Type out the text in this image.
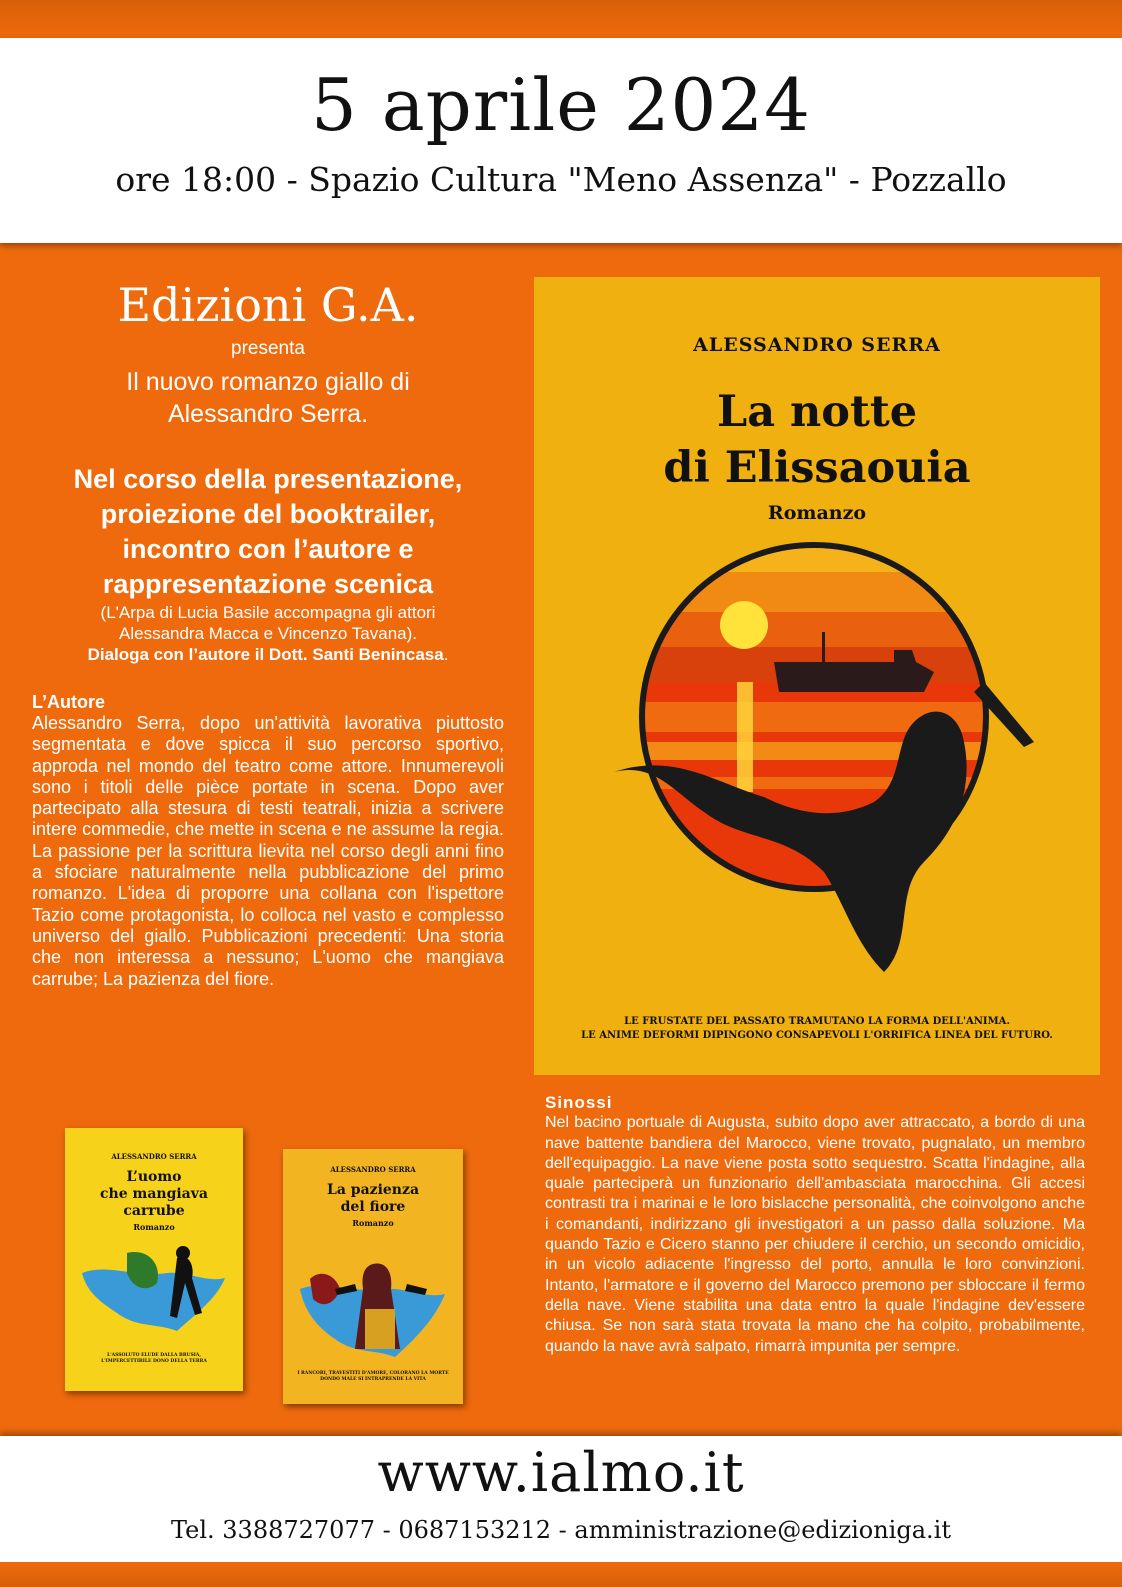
5 aprile 2024
ore 18:00 - Spazio Cultura "Meno Assenza" - Pozzallo
Edizioni G.A.
presenta
Il nuovo romanzo giallo di
Alessandro Serra.
Nel corso della presentazione,
proiezione del booktrailer,
incontro con l’autore e
rappresentazione scenica
(L'Arpa di Lucia Basile accompagna gli attori
Alessandra Macca e Vincenzo Tavana).
Dialoga con l’autore il Dott. Santi Benincasa.
L’Autore
Alessandro Serra, dopo un'attività lavorativa piuttosto segmentata e dove spicca il suo percorso sportivo, approda nel mondo del teatro come attore. Innumerevoli sono i titoli delle pièce portate in scena. Dopo aver partecipato alla stesura di testi teatrali, inizia a scrivere intere commedie, che mette in scena e ne assume la regia. La passione per la scrittura lievita nel corso degli anni fino a sfociare naturalmente nella pubblicazione del primo romanzo. L'idea di proporre una collana con l'ispettore Tazio come protagonista, lo colloca nel vasto e complesso universo del giallo. Pubblicazioni precedenti: Una storia che non interessa a nessuno; L'uomo che mangiava carrube; La pazienza del fiore.
ALESSANDRO SERRA
La notte
di Elissaouia
Romanzo
LE FRUSTATE DEL PASSATO TRAMUTANO LA FORMA DELL'ANIMA.
LE ANIME DEFORMI DIPINGONO CONSAPEVOLI L'ORRIFICA LINEA DEL FUTURO.
Sinossi
Nel bacino portuale di Augusta, subito dopo aver attraccato, a bordo di una nave battente bandiera del Marocco, viene trovato, pugnalato, un membro dell'equipaggio. La nave viene posta sotto sequestro. Scatta l'indagine, alla quale parteciperà un funzionario dell'ambasciata marocchina. Gli accesi contrasti tra i marinai e le loro bislacche personalità, che coinvolgono anche i comandanti, indirizzano gli investigatori a un passo dalla soluzione. Ma quando Tazio e Cicero stanno per chiudere il cerchio, un secondo omicidio, in un vicolo adiacente l'ingresso del porto, annulla le loro convinzioni. Intanto, l'armatore e il governo del Marocco premono per sbloccare il fermo della nave. Viene stabilita una data entro la quale l'indagine dev'essere chiusa. Se non sarà stata trovata la mano che ha colpito, probabilmente, quando la nave avrà salpato, rimarrà impunita per sempre.
ALESSANDRO SERRA
L’uomo
che mangiava
carrube
Romanzo
L'ASSOLUTO ELUDE DALLA BRUSIA,
L'IMPERCETTIBILE DONO DELLA TERRA
ALESSANDRO SERRA
La pazienza
del fiore
Romanzo
I RANCORI, TRAVESTITI D'AMORE, COLORANO LA MORTE
DONDO MALE SI INTRAPRENDE LA VITA
www.ialmo.it
Tel. 3388727077 - 0687153212 - amministrazione@edizioniga.it
